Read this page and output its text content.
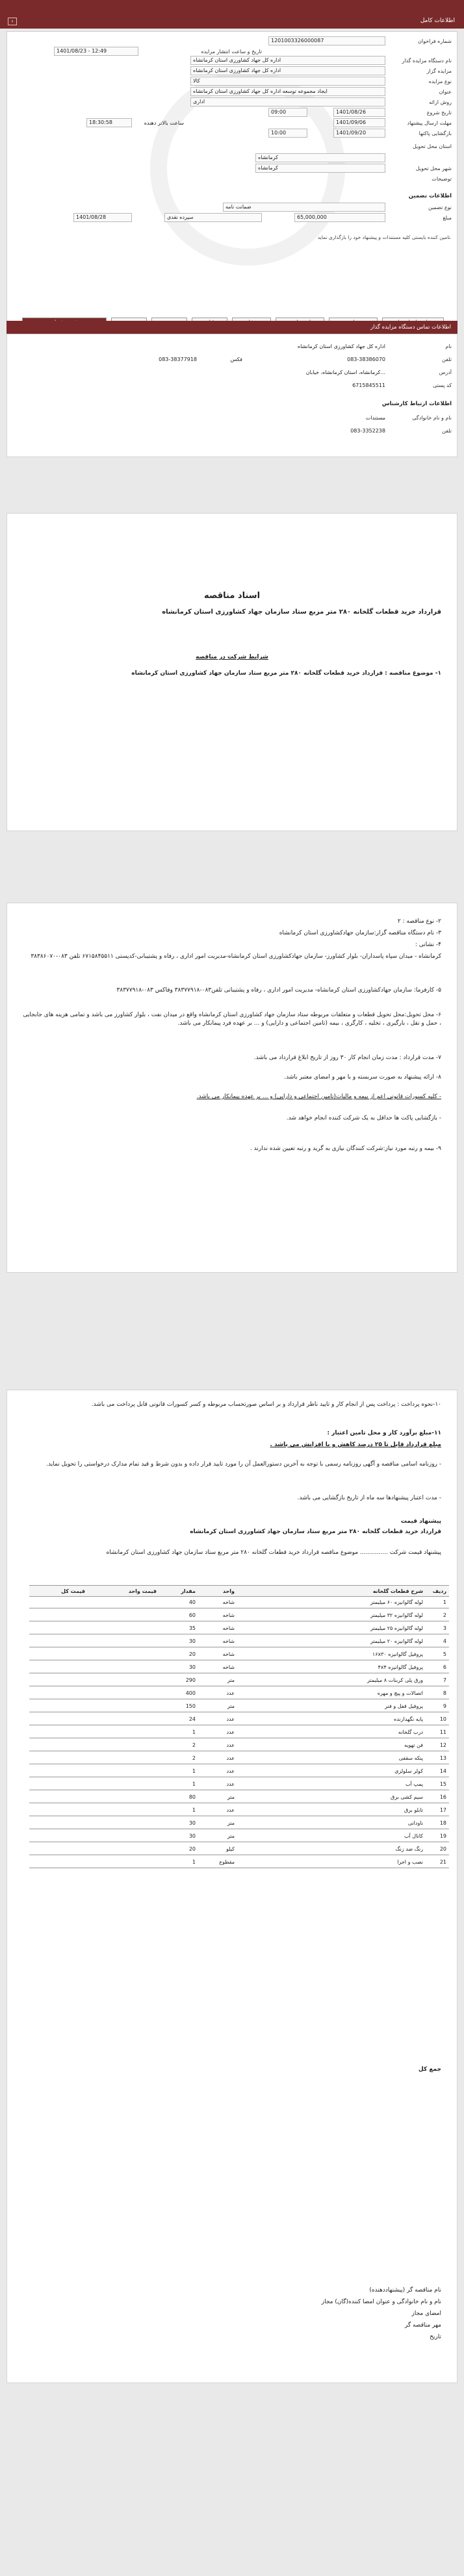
اطلاعات کامل
‹
شماره فراخوان
1201003326000087
تاریخ و ساعت انتشار مزایده
1401/08/23 - 12:49
نام دستگاه مزایده گذار
اداره کل جهاد کشاورزی استان کرمانشاه
مزایده گزار
اداره کل جهاد کشاورزی استان کرمانشاه
نوع مزایده
کالا
عنوان
ایجاد مجموعه توسعه اداره کل جهاد کشاورزی استان کرمانشاه
روش ارائه
اداری
تاریخ شروع
1401/08/26
09:00
مهلت ارسال پیشنهاد
1401/09/06
ساعت بالاتر دهنده
18:30:58
بازگشایی پاکتها
1401/09/20
10:00
استان محل تحویل
کرمانشاه
شهر محل تحویل
کرمانشاه
توضیحات
اطلاعات تضمین
نوع تضمین
ضمانت نامه
مبلغ
65,000,000
سپرده نقدی
1401/08/28
تامین کننده بایستی کلیه مستندات و پیشنهاد خود را بارگذاری نماید.
اطلاعات تماس دستگاه مزایده گذار
نام
اداره کل جهاد کشاورزی استان کرمانشاه
تلفن
083-38386070
فکس
083-38377918
آدرس
کرمانشاه، استان کرمانشاه، خیابان...
کد پستی
6715845511
اطلاعات ارتباط کارشناس
نام و نام خانوادگی
مستندات
تلفن
083-3352238

اسناد مناقصه

قرارداد خرید قطعات گلخانه ۲۸۰ متر مربع ستاد سازمان جهاد کشاورزی استان کرمانشاه

شرایط شرکت در مناقصه

۱- موضوع مناقصه : قرارداد خرید قطعات گلخانه ۲۸۰ متر مربع ستاد سازمان جهاد کشاورزی استان کرمانشاه

۲- نوع مناقصه : ۲

۳- نام دستگاه مناقصه گزار:سازمان جهادکشاورزی استان کرمانشاه

۴- نشانی :

کرمانشاه - میدان سپاه پاسداران- بلوار کشاورز- سازمان جهادکشاورزی استان کرمانشاه-مدیریت امور اداری ، رفاه و پشتیبانی-کدپستی ۶۷۱۵۸۴۵۵۱۱ تلفن ۰۸۳-۳۸۳۸۶۰۷۰

۵- کارفرما: سازمان جهادکشاورزی استان کرمانشاه- مدیریت امور اداری ، رفاه و پشتیبانی تلفن۰۸۳-۳۸۳۷۷۹۱۸ وفاکس ۰۸۳-۳۸۳۷۷۹۱۸

۶- محل تحویل:محل تحویل قطعات و متعلقات مربوطه ستاد سازمان جهاد کشاورزی استان کرمانشاه واقع در میدان نفت ، بلوار کشاورز می باشد و تمامی هزینه های جابجایی ، حمل و نقل ، بارگیری ، تخلیه ، کارگری ، بیمه (تامین اجتماعی و دارایی) و ... بر عهده فرد پیمانکار می باشد.

۷- مدت قرارداد : مدت زمان انجام کار ۳۰ روز از تاریخ ابلاغ قرارداد می باشد.

۸- ارائه پیشنهاد به صورت سربسته و با مهر و امضای معتبر باشد.

- کلیه کسورات قانونی اعم از بیمه و مالیات(تامین اجتماعی و دارایی) و ... بر عهده پیمانکار می باشد.

- بازگشایی پاکت ها حداقل به یک شرکت کننده انجام خواهد شد.

۹- بیمه و رتبه مورد نیاز:شرکت کنندگان نیازی به گرید و رتبه تعیین شده ندارند .

۱۰-نحوه پرداخت : پرداخت پس از انجام کار و تایید ناظر قرارداد و بر اساس صورتحساب مربوطه و کسر کسورات قانونی قابل پرداخت می باشد.

۱۱-مبلغ برآورد کار و محل تامین اعتبار :

مبلغ قرارداد قابل تا ۲۵ درصد کاهش و یا افزایش می باشد .

- روزنامه اسامی مناقصه و آگهی روزنامه رسمی با توجه به آخرین دستورالعمل آن را مورد تایید قرار داده و بدون شرط و قید تمام مدارک درخواستی را تحویل نماید.

- مدت اعتبار پیشنهادها سه ماه از تاریخ بازگشایی می باشد.

پیشنهاد قیمت

قرارداد خرید قطعات گلخانه ۲۸۰ متر مربع ستاد سازمان جهاد کشاورزی استان کرمانشاه

پیشنهاد قیمت شرکت ............... موضوع مناقصه قرارداد خرید قطعات گلخانه ۲۸۰ متر مربع ستاد سازمان جهاد کشاورزی استان کرمانشاه

ردیف
شرح قطعات گلخانه
واحد
مقدار
قیمت واحد
قیمت کل
1
لوله گالوانیزه ۶۰ میلیمتر
شاخه
40
2
لوله گالوانیزه ۳۲ میلیمتر
شاخه
60
3
لوله گالوانیزه ۲۵ میلیمتر
شاخه
35
4
لوله گالوانیزه ۲۰ میلیمتر
شاخه
30
5
پروفیل گالوانیزه ۱۶x۳۰
شاخه
20
6
پروفیل گالوانیزه ۴x۴
شاخه
30
7
ورق پلی کربنات ۸ میلیمتر
متر
290
8
اتصالات و پیچ و مهره
عدد
400
9
پروفیل قفل و فنر
متر
150
10
پایه نگهدارنده
عدد
24
11
درب گلخانه
عدد
1
12
فن تهویه
عدد
2
13
پنکه سقفی
عدد
2
14
کولر سلولزی
عدد
1
15
پمپ آب
عدد
1
16
سیم کشی برق
متر
80
17
تابلو برق
عدد
1
18
ناودانی
متر
30
19
کانال آب
متر
30
20
رنگ ضد زنگ
کیلو
20
21
نصب و اجرا
مقطوع
1

جمع کل

نام مناقصه گر (پیشنهاددهنده)

نام و نام خانوادگی و عنوان امضا کننده(گان) مجاز

امضای مجاز

مهر مناقصه گر

تاریخ
